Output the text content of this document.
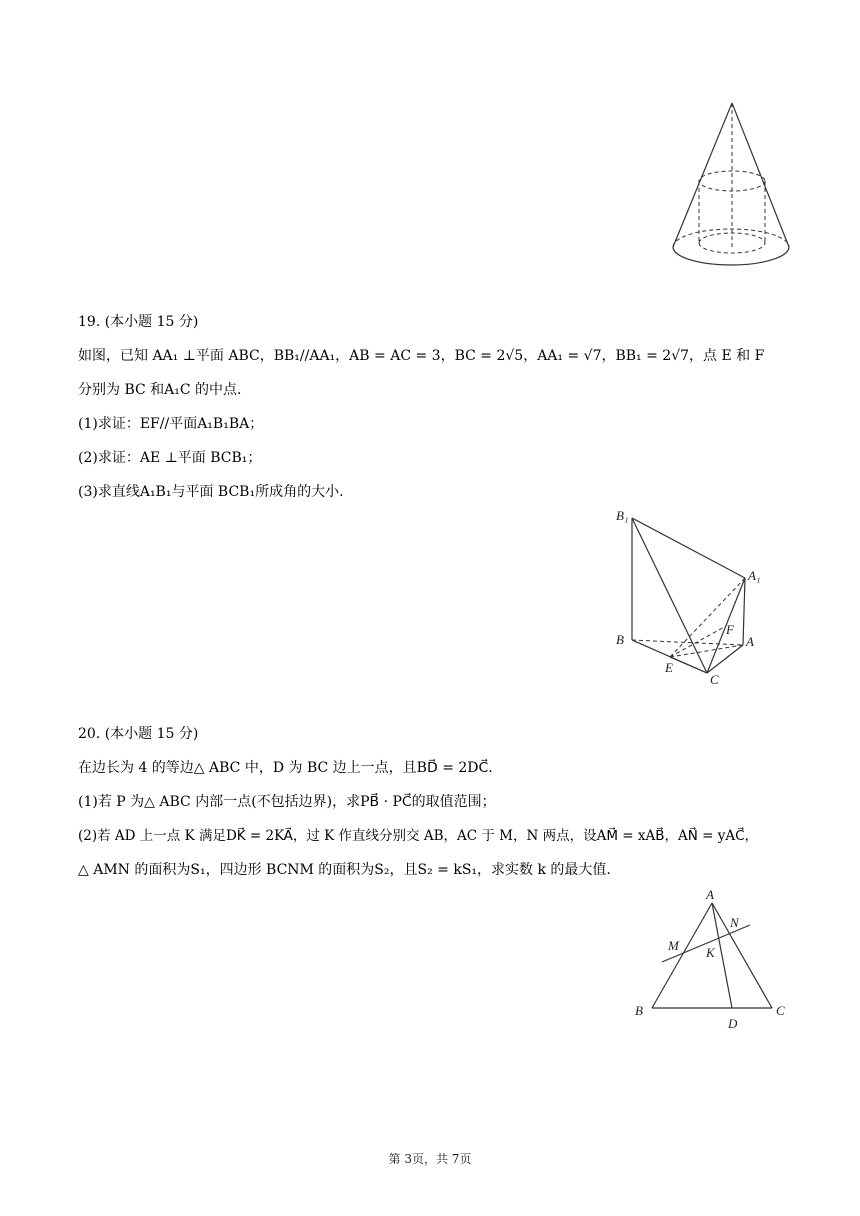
19. (本小题 15 分)
如图，已知 AA₁ ⊥平面 ABC，BB₁//AA₁，AB = AC = 3，BC = 2√5，AA₁ = √7，BB₁ = 2√7，点 E 和 F
分别为 BC 和A₁C 的中点.
(1)求证：EF//平面A₁B₁BA；
(2)求证：AE ⊥平面 BCB₁；
(3)求直线A₁B₁与平面 BCB₁所成角的大小.
B₁
A₁
B	A
F
E
C
20. (本小题 15 分)
在边长为 4 的等边△ ABC 中，D 为 BC 边上一点，且BD⃗ = 2DC⃗.
(1)若 P 为△ ABC 内部一点(不包括边界)，求PB⃗ · PC⃗的取值范围；
(2)若 AD 上一点 K 满足DK⃗ = 2KA⃗，过 K 作直线分别交 AB，AC 于 M，N 两点，设AM⃗ = xAB⃗，AN⃗ = yAC⃗，
△ AMN 的面积为S₁，四边形 BCNM 的面积为S₂，且S₂ = kS₁，求实数 k 的最大值.
A
N
M K
B
D
C
第 3页，共 7页
